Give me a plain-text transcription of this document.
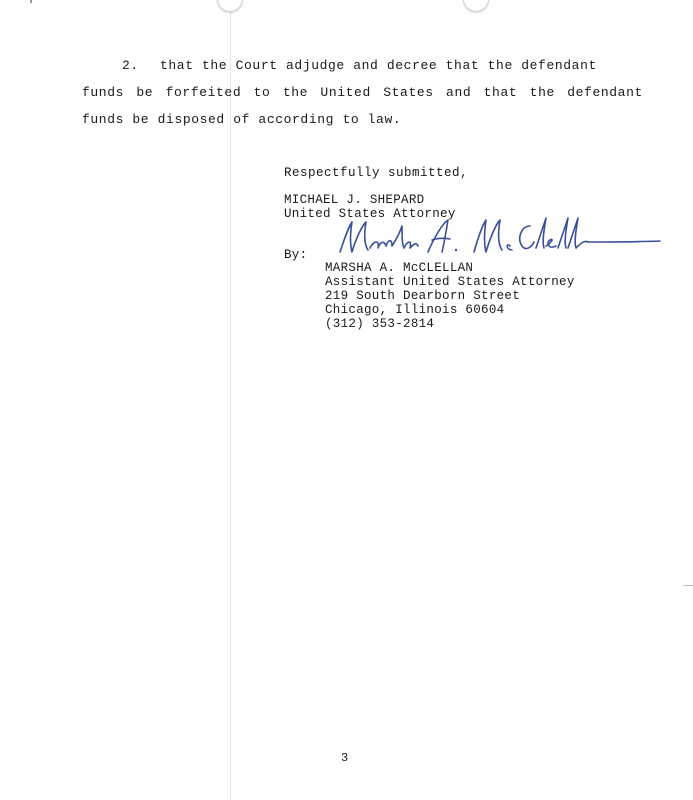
2. that the Court adjudge and decree that the defendant
funds be forfeited to the United States and that the defendant
funds be disposed of according to law.
Respectfully submitted,
MICHAEL J. SHEPARD
United States Attorney
By:
MARSHA A. McCLELLAN
Assistant United States Attorney
219 South Dearborn Street
Chicago, Illinois 60604
(312) 353-2814
3
